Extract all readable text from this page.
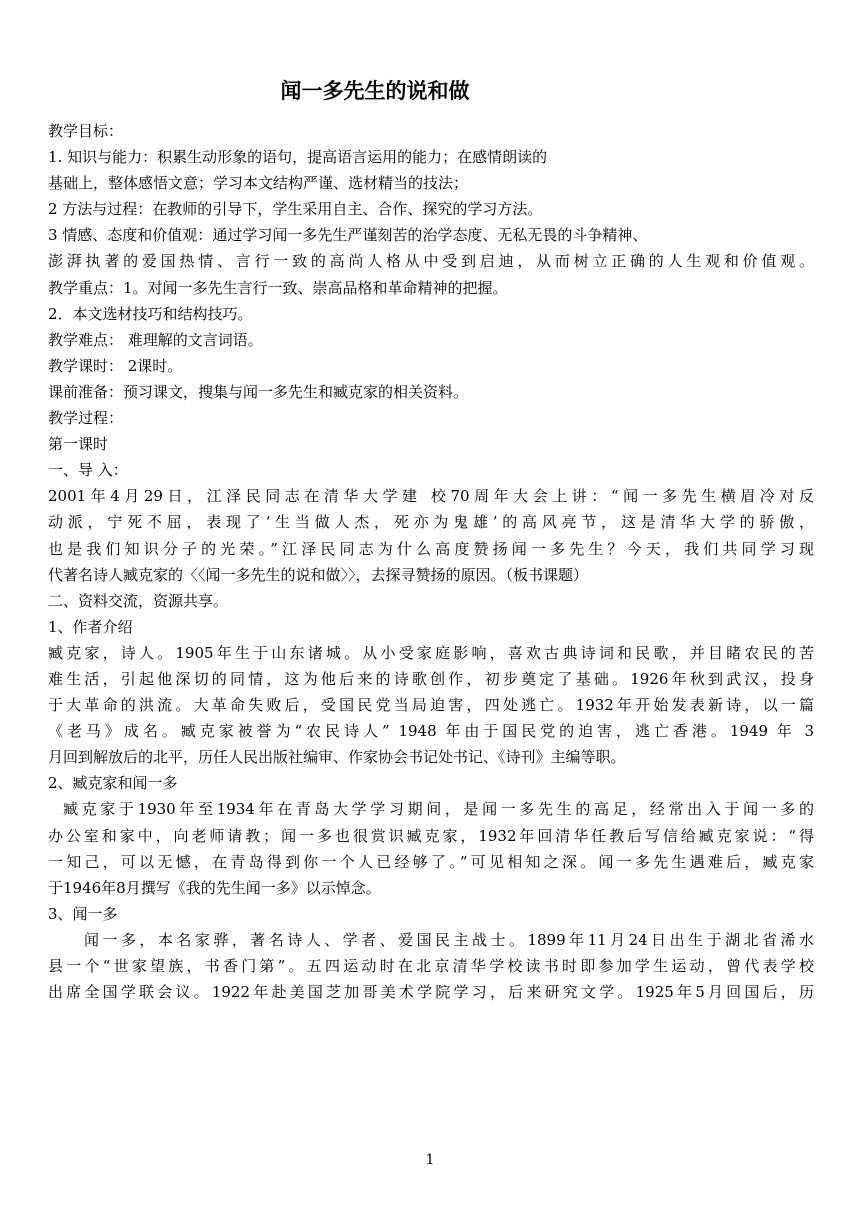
闻一多先生的说和做
教学目标：
1. 知识与能力：积累生动形象的语句，提高语言运用的能力；在感情朗读的
基础上，整体感悟文意；学习本文结构严谨、选材精当的技法；
2 方法与过程：在教师的引导下，学生采用自主、合作、探究的学习方法。
3 情感、态度和价值观：通过学习闻一多先生严谨刻苦的治学态度、无私无畏的斗争精神、
澎湃执著的爱国热情、言行一致的高尚人格从中受到启迪，从而树立正确的人生观和价值观。
教学重点：1。对闻一多先生言行一致、崇高品格和革命精神的把握。
2．本文选材技巧和结构技巧。
教学难点： 难理解的文言词语。
教学课时： 2课时。
课前准备：预习课文，搜集与闻一多先生和臧克家的相关资料。
教学过程：
第一课时
一、导 入：
2001年4月29日，江泽民同志在清华大学建 校70周年大会上讲：“闻一多先生横眉冷对反
动派，宁死不屈，表现了‘生当做人杰，死亦为鬼雄’的高风亮节，这是清华大学的骄傲，
也是我们知识分子的光荣。”江泽民同志为什么高度赞扬闻一多先生？今天，我们共同学习现
代著名诗人臧克家的〈〈闻一多先生的说和做〉〉，去探寻赞扬的原因。（板书课题）
二、资料交流，资源共享。
1、作者介绍
臧克家，诗人。1905年生于山东诸城。从小受家庭影响，喜欢古典诗词和民歌，并目睹农民的苦
难生活，引起他深切的同情，这为他后来的诗歌创作，初步奠定了基础。1926年秋到武汉，投身
于大革命的洪流。大革命失败后，受国民党当局迫害，四处逃亡。1932年开始发表新诗，以一篇
《老马》成名。臧克家被誉为“农民诗人” 1948 年由于国民党的迫害，逃亡香港。1949 年 3
月回到解放后的北平，历任人民出版社编审、作家协会书记处书记、《诗刊》主编等职。
2、臧克家和闻一多
臧克家于1930年至1934年在青岛大学学习期间，是闻一多先生的高足，经常出入于闻一多的
办公室和家中，向老师请教；闻一多也很赏识臧克家，1932年回清华任教后写信给臧克家说：“得
一知己，可以无憾，在青岛得到你一个人已经够了。”可见相知之深。闻一多先生遇难后，臧克家
于1946年8月撰写《我的先生闻一多》以示悼念。
3、闻一多
闻一多，本名家骅，著名诗人、学者、爱国民主战士。1899年11月24日出生于湖北省浠水
县一个“世家望族，书香门第”。五四运动时在北京清华学校读书时即参加学生运动，曾代表学校
出席全国学联会议。1922年赴美国芝加哥美术学院学习，后来研究文学。1925年5月回国后，历
1
